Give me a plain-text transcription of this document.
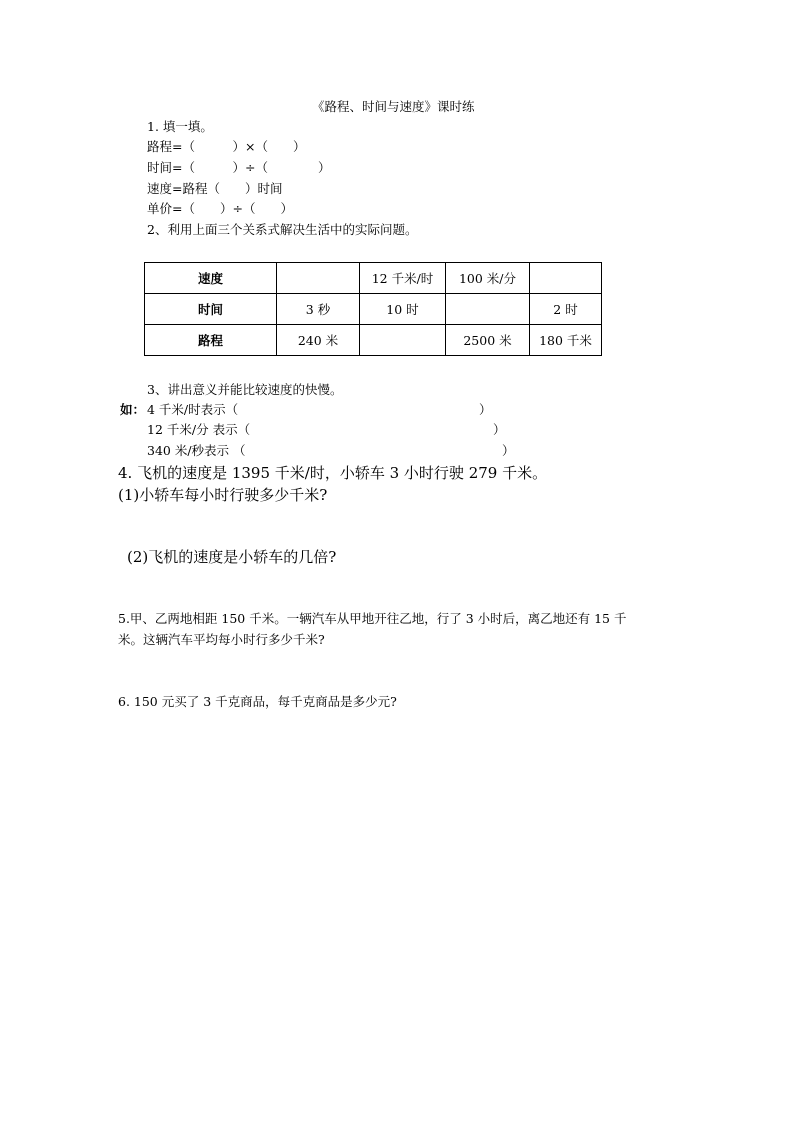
《路程、时间与速度》课时练
1. 填一填。
路程=（　　　）×（　　）
时间=（　　　）÷（　　　　）
速度=路程（　　）时间
单价=（　　）÷（　　）
2、利用上面三个关系式解决生活中的实际问题。
速度		12 千米/时	100 米/分	
时间	3 秒	10 时		2 时
路程	240 米		2500 米	180 千米
3、讲出意义并能比较速度的快慢。
如： 4 千米/时表示（	）
12 千米/分 表示（	）
340 米/秒表示 （	）
4. 飞机的速度是 1395 千米/时，小轿车 3 小时行驶 279 千米。
(1)小轿车每小时行驶多少千米?
(2)飞机的速度是小轿车的几倍?
5.甲、乙两地相距 150 千米。一辆汽车从甲地开往乙地，行了 3 小时后，离乙地还有 15 千
米。这辆汽车平均每小时行多少千米?
6. 150 元买了 3 千克商品，每千克商品是多少元?
